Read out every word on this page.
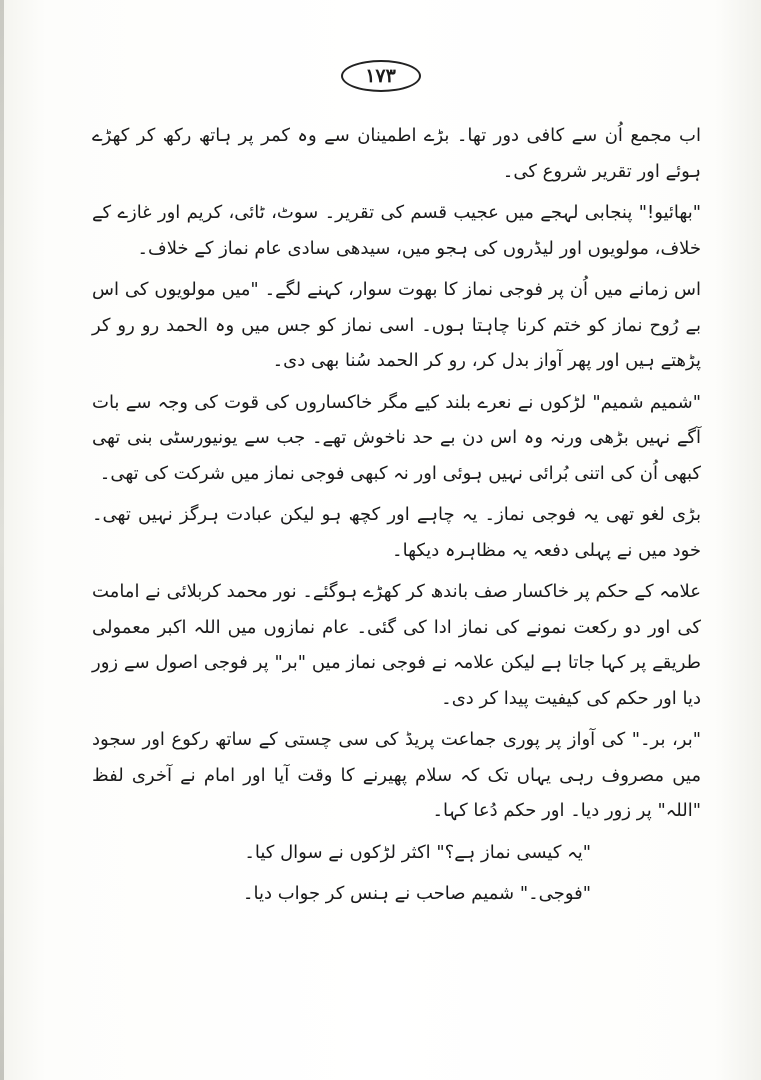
۱۷۳

اب مجمع اُن سے کافی دور تھا۔ بڑے اطمینان سے وہ کمر پر ہاتھ رکھ کر کھڑے ہوئے اور تقریر شروع کی۔

"بھائیو!" پنجابی لہجے میں عجیب قسم کی تقریر۔ سوٹ، ٹائی، کریم اور غازے کے خلاف، مولویوں اور لیڈروں کی ہجو میں، سیدھی سادی عام نماز کے خلاف۔

اس زمانے میں اُن پر فوجی نماز کا بھوت سوار، کہنے لگے۔ "میں مولویوں کی اس بے رُوح نماز کو ختم کرنا چاہتا ہوں۔ اسی نماز کو جس میں وہ الحمد رو رو کر پڑھتے ہیں اور پھر آواز بدل کر، رو کر الحمد سُنا بھی دی۔

"شمیم شمیم" لڑکوں نے نعرے بلند کیے مگر خاکساروں کی قوت کی وجہ سے بات آگے نہیں بڑھی ورنہ وہ اس دن بے حد ناخوش تھے۔ جب سے یونیورسٹی بنی تھی کبھی اُن کی اتنی بُرائی نہیں ہوئی اور نہ کبھی فوجی نماز میں شرکت کی تھی۔

بڑی لغو تھی یہ فوجی نماز۔ یہ چاہے اور کچھ ہو لیکن عبادت ہرگز نہیں تھی۔ خود میں نے پہلی دفعہ یہ مظاہرہ دیکھا۔

علامہ کے حکم پر خاکسار صف باندھ کر کھڑے ہوگئے۔ نور محمد کربلائی نے امامت کی اور دو رکعت نمونے کی نماز ادا کی گئی۔ عام نمازوں میں اللہ اکبر معمولی طریقے پر کہا جاتا ہے لیکن علامہ نے فوجی نماز میں "بر" پر فوجی اصول سے زور دیا اور حکم کی کیفیت پیدا کر دی۔

"بر، بر۔" کی آواز پر پوری جماعت پریڈ کی سی چستی کے ساتھ رکوع اور سجود میں مصروف رہی یہاں تک کہ سلام پھیرنے کا وقت آیا اور امام نے آخری لفظ "اللہ" پر زور دیا۔ اور حکم دُعا کہا۔

"یہ کیسی نماز ہے؟" اکثر لڑکوں نے سوال کیا۔

"فوجی۔" شمیم صاحب نے ہنس کر جواب دیا۔
